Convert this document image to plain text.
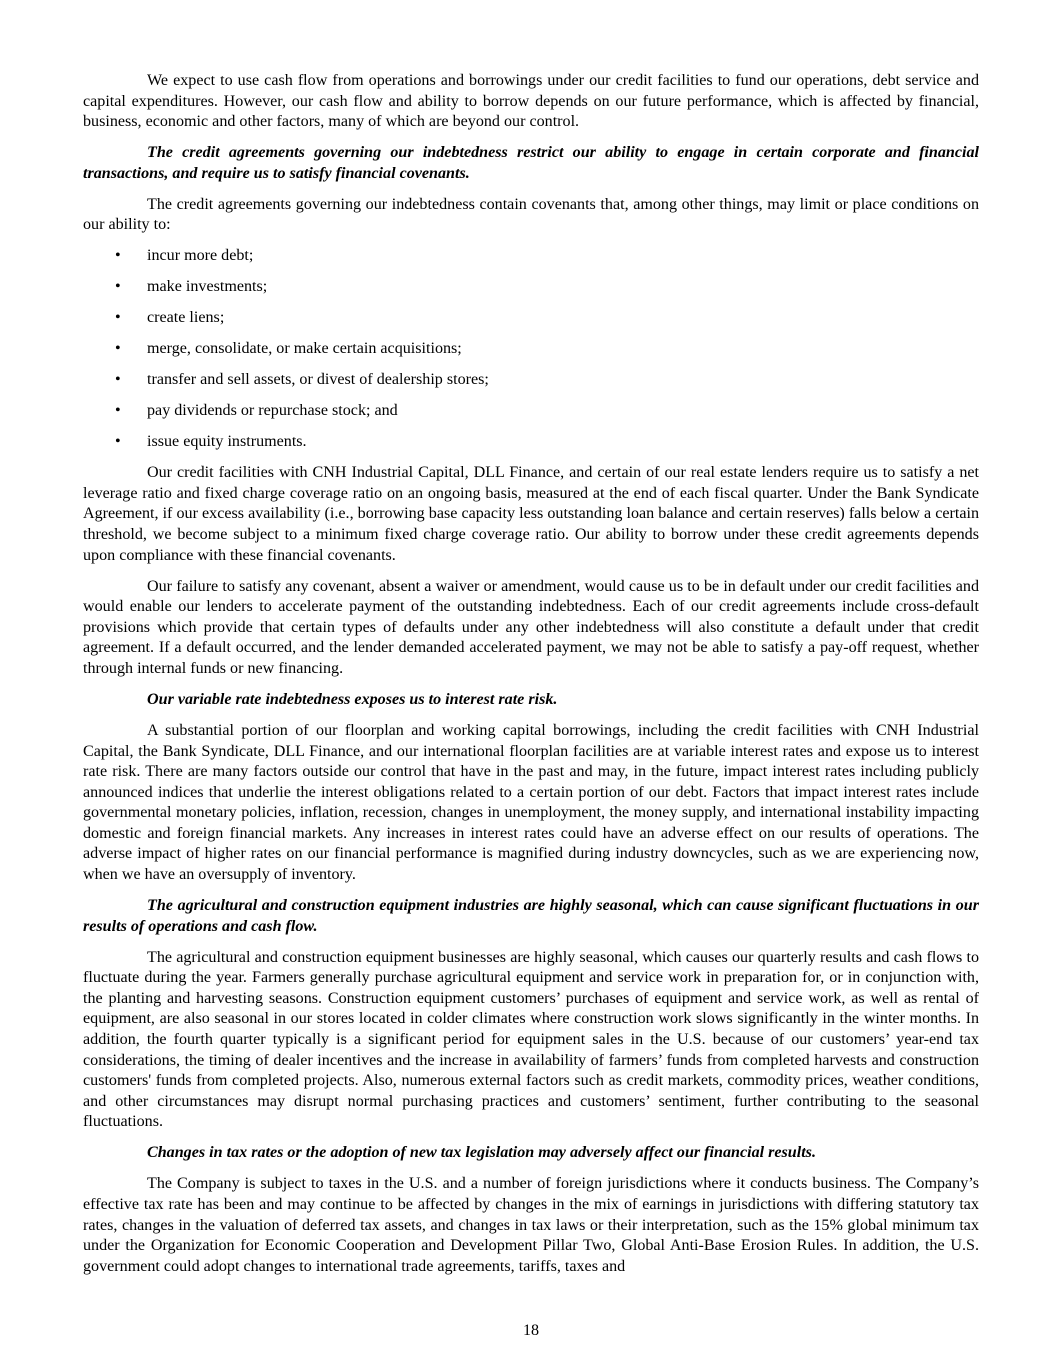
We expect to use cash flow from operations and borrowings under our credit facilities to fund our operations, debt service and capital expenditures. However, our cash flow and ability to borrow depends on our future performance, which is affected by financial, business, economic and other factors, many of which are beyond our control.

The credit agreements governing our indebtedness restrict our ability to engage in certain corporate and financial transactions, and require us to satisfy financial covenants.

The credit agreements governing our indebtedness contain covenants that, among other things, may limit or place conditions on our ability to:

• incur more debt;
• make investments;
• create liens;
• merge, consolidate, or make certain acquisitions;
• transfer and sell assets, or divest of dealership stores;
• pay dividends or repurchase stock; and
• issue equity instruments.

Our credit facilities with CNH Industrial Capital, DLL Finance, and certain of our real estate lenders require us to satisfy a net leverage ratio and fixed charge coverage ratio on an ongoing basis, measured at the end of each fiscal quarter. Under the Bank Syndicate Agreement, if our excess availability (i.e., borrowing base capacity less outstanding loan balance and certain reserves) falls below a certain threshold, we become subject to a minimum fixed charge coverage ratio. Our ability to borrow under these credit agreements depends upon compliance with these financial covenants.

Our failure to satisfy any covenant, absent a waiver or amendment, would cause us to be in default under our credit facilities and would enable our lenders to accelerate payment of the outstanding indebtedness. Each of our credit agreements include cross-default provisions which provide that certain types of defaults under any other indebtedness will also constitute a default under that credit agreement. If a default occurred, and the lender demanded accelerated payment, we may not be able to satisfy a pay-off request, whether through internal funds or new financing.

Our variable rate indebtedness exposes us to interest rate risk.

A substantial portion of our floorplan and working capital borrowings, including the credit facilities with CNH Industrial Capital, the Bank Syndicate, DLL Finance, and our international floorplan facilities are at variable interest rates and expose us to interest rate risk. There are many factors outside our control that have in the past and may, in the future, impact interest rates including publicly announced indices that underlie the interest obligations related to a certain portion of our debt. Factors that impact interest rates include governmental monetary policies, inflation, recession, changes in unemployment, the money supply, and international instability impacting domestic and foreign financial markets. Any increases in interest rates could have an adverse effect on our results of operations. The adverse impact of higher rates on our financial performance is magnified during industry downcycles, such as we are experiencing now, when we have an oversupply of inventory.

The agricultural and construction equipment industries are highly seasonal, which can cause significant fluctuations in our results of operations and cash flow.

The agricultural and construction equipment businesses are highly seasonal, which causes our quarterly results and cash flows to fluctuate during the year. Farmers generally purchase agricultural equipment and service work in preparation for, or in conjunction with, the planting and harvesting seasons. Construction equipment customers’ purchases of equipment and service work, as well as rental of equipment, are also seasonal in our stores located in colder climates where construction work slows significantly in the winter months. In addition, the fourth quarter typically is a significant period for equipment sales in the U.S. because of our customers’ year-end tax considerations, the timing of dealer incentives and the increase in availability of farmers’ funds from completed harvests and construction customers' funds from completed projects. Also, numerous external factors such as credit markets, commodity prices, weather conditions, and other circumstances may disrupt normal purchasing practices and customers’ sentiment, further contributing to the seasonal fluctuations.

Changes in tax rates or the adoption of new tax legislation may adversely affect our financial results.

The Company is subject to taxes in the U.S. and a number of foreign jurisdictions where it conducts business. The Company’s effective tax rate has been and may continue to be affected by changes in the mix of earnings in jurisdictions with differing statutory tax rates, changes in the valuation of deferred tax assets, and changes in tax laws or their interpretation, such as the 15% global minimum tax under the Organization for Economic Cooperation and Development Pillar Two, Global Anti-Base Erosion Rules. In addition, the U.S. government could adopt changes to international trade agreements, tariffs, taxes and

18
